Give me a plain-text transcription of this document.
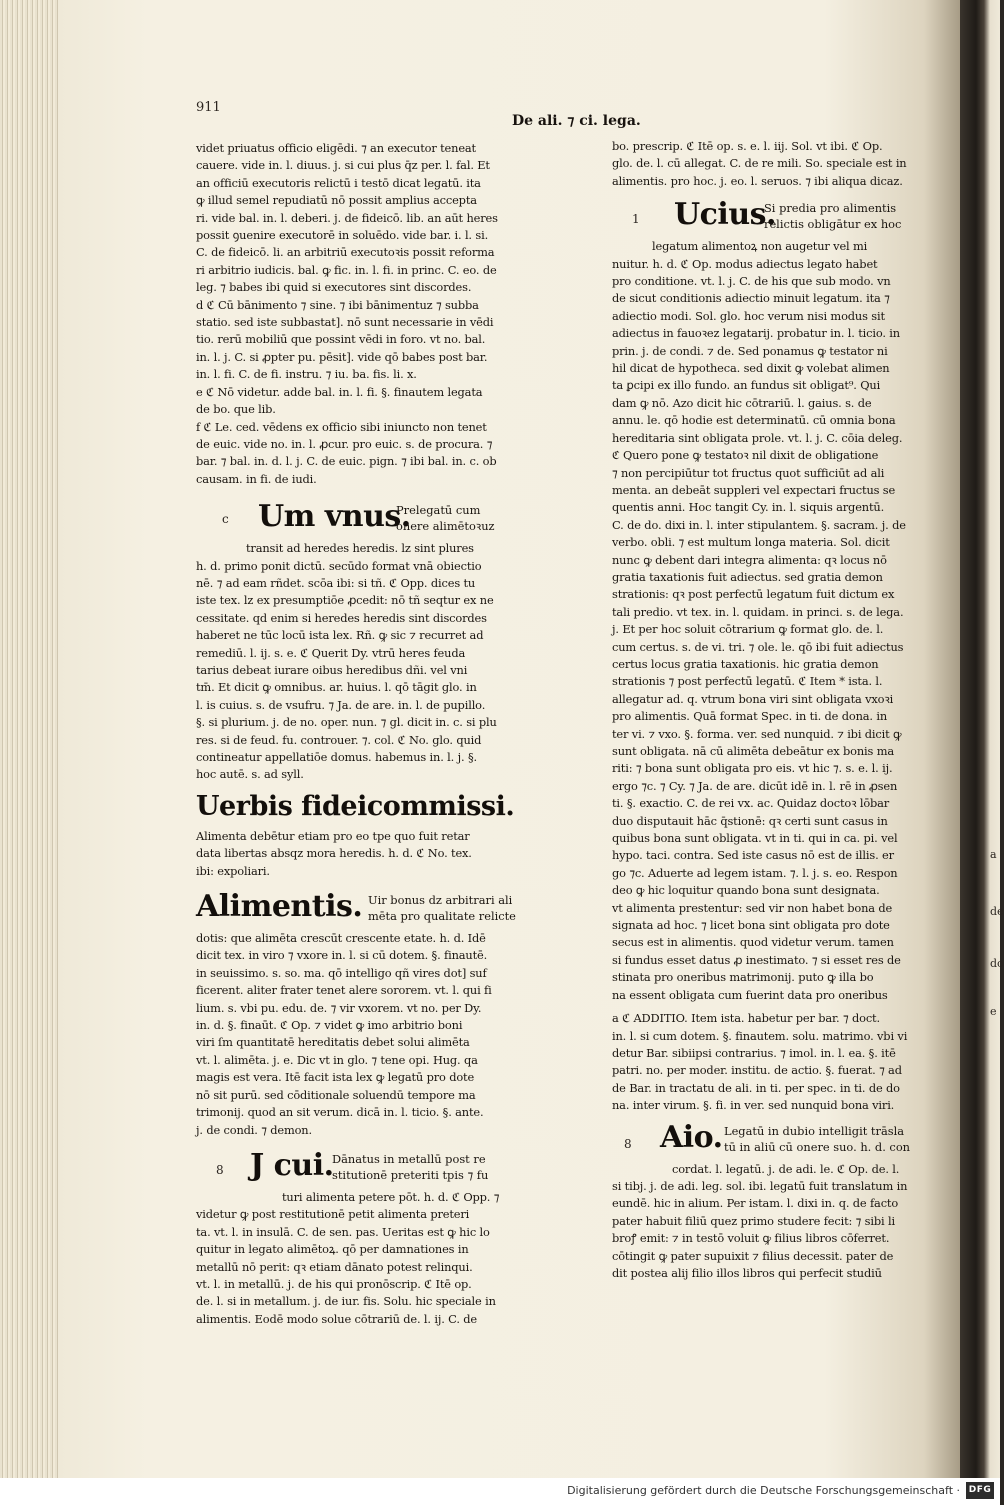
a
de
do
e
911
De ali. ⁊ ci. lega.
videt priuatus officio eligēdi. ⁊ an executor teneat
cauere. vide in. l. diuus. j. si cui plus q̄z per. l. fal. Et
an officiū executoris relictū i testō dicat legatū. ita
ꝙ illud semel repudiatū nō possit amplius accepta
ri. vide bal. in. l. deberi. j. de fideicō. lib. an aūt heres
possit ꝯuenire executorē in soluēdo. vide bar. i. l. si.
C. de fideicō. li. an arbitriū executoꝛis possit reforma
ri arbitrio iudicis. bal. ꝙ fic. in. l. fi. in princ. C. eo. de
leg. ⁊ babes ibi quid si executores sint discordes.
d ℭ Cū bānimento ⁊ sine. ⁊ ibi bānimentuz ⁊ subba
statio. sed iste subbastat]. nō sunt necessarie in vēdi
tio. rerū mobiliū que possint vēdi in foro. vt no. bal.
in. l. j. C. si ꝓpter pu. pēsit]. vide qō babes post bar.
in. l. fi. C. de fi. instru. ⁊ iu. ba. fis. li. x.
e ℭ Nō videtur. adde bal. in. l. fi. §. finautem legata
de bo. que lib.
f ℭ Le. ced. vēdens ex officio sibi iniuncto non tenet
de euic. vide no. in. l. ꝓcur. pro euic. s. de procura. ⁊
bar. ⁊ bal. in. d. l. j. C. de euic. pign. ⁊ ibi bal. in. c. ob
causam. in fi. de iudi.
c Um vnus.
Prelegatū cum
onere alimētoꝛuz
transit ad heredes heredis. lz sint plures
h. d. primo ponit dictū. secūdo format vnā obiectio
nē. ⁊ ad eam rñdet. scōa ibi: si tñ. ℭ Opp. dices tu
iste tex. lz ex presumptiōe ꝓcedit: nō tñ seqtur ex ne
cessitate. qd enim si heredes heredis sint discordes
haberet ne tūc locū ista lex. Rñ. ꝙ sic ⁊ recurret ad
remediū. l. ij. s. e. ℭ Querit Dy. vtrū heres feuda
tarius debeat iurare oibus heredibus dñi. vel vni
tm̄. Et dicit ꝙ omnibus. ar. huius. l. qō tāgit glo. in
l. is cuius. s. de vsufru. ⁊ Ja. de are. in. l. de pupillo.
§. si plurium. j. de no. oper. nun. ⁊ gl. dicit in. c. si plu
res. si de feud. fu. controuer. ⁊. col. ℭ No. glo. quid
contineatur appellatiōe domus. habemus in. l. j. §.
hoc autē. s. ad syll.
Uerbis fideicommissi.
Alimenta debētur etiam pro eo tpe quo fuit retar
data libertas absqz mora heredis. h. d. ℭ No. tex.
ibi: expoliari.
Alimentis. Uir bonus dz arbitrari ali
mēta pro qualitate relicte
dotis: que alimēta crescūt crescente etate. h. d. Idē
dicit tex. in viro ⁊ vxore in. l. si cū dotem. §. finautē.
in seuissimo. s. so. ma. qō intelligo qñ vires dot] suf
ficerent. aliter frater tenet alere sororem. vt. l. qui fi
lium. s. vbi pu. edu. de. ⁊ vir vxorem. vt no. per Dy.
in. d. §. finaūt. ℭ Op. ⁊ videt ꝙ imo arbitrio boni
viri ſm quantitatē hereditatis debet solui alimēta
vt. l. alimēta. j. e. Dic vt in glo. ⁊ tene opi. Hug. qa
magis est vera. Itē facit ista lex ꝙ legatū pro dote
nō sit purū. sed cōditionale soluendū tempore ma
trimonij. quod an sit verum. dicā in. l. ticio. §. ante.
j. de condi. ⁊ demon.
8 J cui.
Dānatus in metallū post re
stitutionē preteriti tpis ⁊ fu
turi alimenta petere pōt. h. d. ℭ Opp. ⁊
videtur ꝙ post restitutionē petit alimenta preteri
ta. vt. l. in insulā. C. de sen. pas. Ueritas est ꝙ hic lo
quitur in legato alimētoꝝ. qō per damnationes in
metallū nō perit: qꝛ etiam dānato potest relinqui.
vt. l. in metallū. j. de his qui pronōscrip. ℭ Itē op.
de. l. si in metallum. j. de iur. fis. Solu. hic speciale in
alimentis. Eodē modo solue cōtrariū de. l. ij. C. de
bo. prescrip. ℭ Itē op. s. e. l. iij. Sol. vt ibi. ℭ Op.
glo. de. l. cū allegat. C. de re mili. So. speciale est in
alimentis. pro hoc. j. eo. l. seruos. ⁊ ibi aliqua dicaz.
1 Ucius.
Si predia pro alimentis
relictis obligātur ex hoc
legatum alimentoꝝ non augetur vel mi
nuitur. h. d. ℭ Op. modus adiectus legato habet
pro conditione. vt. l. j. C. de his que sub modo. vn
de sicut conditionis adiectio minuit legatum. ita ⁊
adiectio modi. Sol. glo. hoc verum nisi modus sit
adiectus in fauoꝛez legatarij. probatur in. l. ticio. in
prin. j. de condi. ⁊ de. Sed ponamus ꝙ testator ni
hil dicat de hypotheca. sed dixit ꝙ volebat alimen
ta ꝑcipi ex illo fundo. an fundus sit obligat⁹. Qui
dam ꝙ nō. Azo dicit hic cōtrariū. l. gaius. s. de
annu. le. qō hodie est determinatū. cū omnia bona
hereditaria sint obligata prole. vt. l. j. C. cōia deleg.
ℭ Quero pone ꝙ testatoꝛ nil dixit de obligatione
⁊ non percipiūtur tot fructus quot sufficiūt ad ali
menta. an debeāt suppleri vel expectari fructus se
quentis anni. Hoc tangit Cy. in. l. siquis argentū.
C. de do. dixi in. l. inter stipulantem. §. sacram. j. de
verbo. obli. ⁊ est multum longa materia. Sol. dicit
nunc ꝙ debent dari integra alimenta: qꝛ locus nō
gratia taxationis fuit adiectus. sed gratia demon
strationis: qꝛ post perfectū legatum fuit dictum ex
tali predio. vt tex. in. l. quidam. in princi. s. de lega.
j. Et per hoc soluit cōtrarium ꝙ format glo. de. l.
cum certus. s. de vi. tri. ⁊ ole. le. qō ibi fuit adiectus
certus locus gratia taxationis. hic gratia demon
strationis ⁊ post perfectū legatū. ℭ Item * ista. l.
allegatur ad. q. vtrum bona viri sint obligata vxoꝛi
pro alimentis. Quā format Spec. in ti. de dona. in
ter vi. ⁊ vxo. §. forma. ver. sed nunquid. ⁊ ibi dicit ꝙ
sunt obligata. nā cū alimēta debeātur ex bonis ma
riti: ⁊ bona sunt obligata pro eis. vt hic ⁊. s. e. l. ij.
ergo ⁊c. ⁊ Cy. ⁊ Ja. de are. dicūt idē in. l. rē in ꝓsen
ti. §. exactio. C. de rei vx. ac. Quidaz doctoꝛ lōbar
duo disputauit hāc q̄stionē: qꝛ certi sunt casus in
quibus bona sunt obligata. vt in ti. qui in ca. pi. vel
hypo. taci. contra. Sed iste casus nō est de illis. er
go ⁊c. Aduerte ad legem istam. ⁊. l. j. s. eo. Respon
deo ꝙ hic loquitur quando bona sunt designata.
vt alimenta prestentur: sed vir non habet bona de
signata ad hoc. ⁊ licet bona sint obligata pro dote
secus est in alimentis. quod videtur verum. tamen
si fundus esset datus ꝓ inestimato. ⁊ si esset res de
stinata pro oneribus matrimonij. puto ꝙ illa bo
na essent obligata cum fuerint data pro oneribus
a ℭ ADDITIO. Item ista. habetur per bar. ⁊ doct.
in. l. si cum dotem. §. finautem. solu. matrimo. vbi vi
detur Bar. sibiipsi contrarius. ⁊ imol. in. l. ea. §. itē
patri. no. per moder. institu. de actio. §. fuerat. ⁊ ad
de Bar. in tractatu de ali. in ti. per spec. in ti. de do
na. inter virum. §. fi. in ver. sed nunquid bona viri.
8 Aio. Legatū in dubio intelligit trāsla
tū in aliū cū onere suo. h. d. con
cordat. l. legatū. j. de adi. le. ℭ Op. de. l.
si tibj. j. de adi. leg. sol. ibi. legatū fuit translatum in
eundē. hic in alium. Per istam. l. dixi in. q. de facto
pater habuit filiū quez primo studere fecit: ⁊ sibi li
broꝭ emit: ⁊ in testō voluit ꝙ filius libros cōferret.
cōtingit ꝙ pater supuixit ⁊ filius decessit. pater de
dit postea alij filio illos libros qui perfecit studiū
Digitalisierung gefördert durch die Deutsche Forschungsgemeinschaft · DFG
